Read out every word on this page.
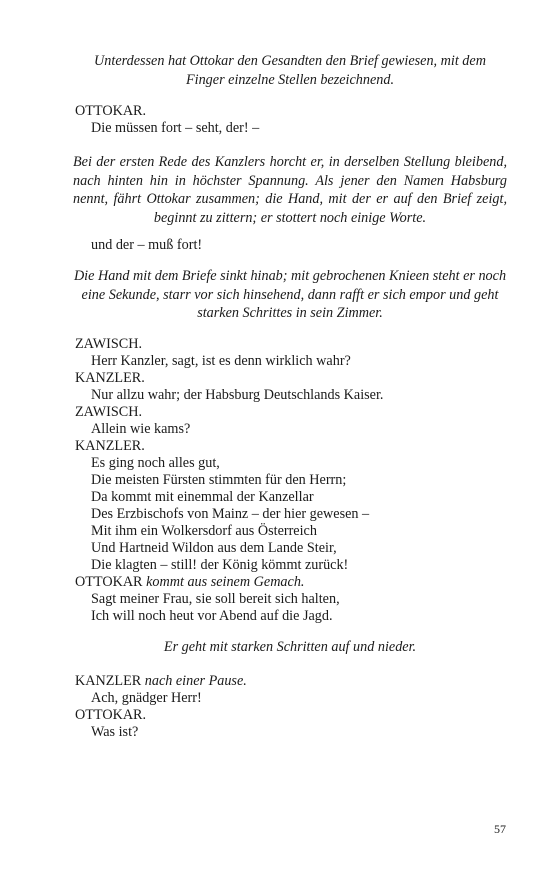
Unterdessen hat Ottokar den Gesandten den Brief gewiesen, mit dem Finger einzelne Stellen bezeichnend.
OTTOKAR.
Die müssen fort – seht, der! –
Bei der ersten Rede des Kanzlers horcht er, in derselben Stellung bleibend, nach hinten hin in höchster Spannung. Als jener den Namen Habsburg nennt, fährt Ottokar zusammen; die Hand, mit der er auf den Brief zeigt, beginnt zu zittern; er stottert noch einige Worte.
und der – muß fort!
Die Hand mit dem Briefe sinkt hinab; mit gebrochenen Knieen steht er noch eine Sekunde, starr vor sich hinsehend, dann rafft er sich empor und geht starken Schrittes in sein Zimmer.
ZAWISCH.
Herr Kanzler, sagt, ist es denn wirklich wahr?
KANZLER.
Nur allzu wahr; der Habsburg Deutschlands Kaiser.
ZAWISCH.
Allein wie kams?
KANZLER.
Es ging noch alles gut,
Die meisten Fürsten stimmten für den Herrn;
Da kommt mit einemmal der Kanzellar
Des Erzbischofs von Mainz – der hier gewesen –
Mit ihm ein Wolkersdorf aus Österreich
Und Hartneid Wildon aus dem Lande Steir,
Die klagten – still! der König kömmt zurück!
OTTOKAR kommt aus seinem Gemach.
Sagt meiner Frau, sie soll bereit sich halten,
Ich will noch heut vor Abend auf die Jagd.
Er geht mit starken Schritten auf und nieder.
KANZLER nach einer Pause.
Ach, gnädger Herr!
OTTOKAR.
Was ist?
57
